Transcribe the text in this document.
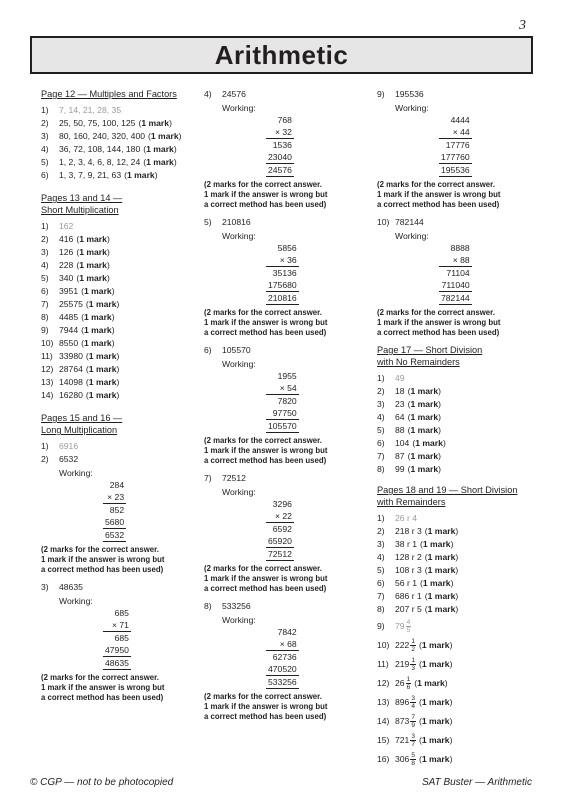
3
Arithmetic
Page 12 — Multiples and Factors
1)	7, 14, 21, 28, 35
2)	25, 50, 75, 100, 125 (1 mark)
3)	80, 160, 240, 320, 400 (1 mark)
4)	36, 72, 108, 144, 180 (1 mark)
5)	1, 2, 3, 4, 6, 8, 12, 24 (1 mark)
6)	1, 3, 7, 9, 21, 63 (1 mark)
Pages 13 and 14 —
Short Multiplication
1)	162
2)	416 (1 mark)
3)	126 (1 mark)
4)	228 (1 mark)
5)	340 (1 mark)
6)	3951 (1 mark)
7)	25575 (1 mark)
8)	4485 (1 mark)
9)	7944 (1 mark)
10) 8550 (1 mark)
11) 33980 (1 mark)
12) 28764 (1 mark)
13) 14098 (1 mark)
14) 16280 (1 mark)
Pages 15 and 16 —
Long Multiplication
1)	6916
2)	6532
Working:
284
× 23
852
5680
6532
(2 marks for the correct answer.
1 mark if the answer is wrong but
a correct method has been used)
3)	48635
Working:
685
× 71
685
47950
48635
(2 marks for the correct answer.
1 mark if the answer is wrong but
a correct method has been used)
4)	24576
Working:
768
× 32
1536
23040
24576
(2 marks for the correct answer.
1 mark if the answer is wrong but
a correct method has been used)
5)	210816
Working:
5856
× 36
35136
175680
210816
(2 marks for the correct answer.
1 mark if the answer is wrong but
a correct method has been used)
6)	105570
Working:
1955
× 54
7820
97750
105570
(2 marks for the correct answer.
1 mark if the answer is wrong but
a correct method has been used)
7)	72512
Working:
3296
× 22
6592
65920
72512
(2 marks for the correct answer.
1 mark if the answer is wrong but
a correct method has been used)
8)	533256
Working:
7842
× 68
62736
470520
533256
(2 marks for the correct answer.
1 mark if the answer is wrong but
a correct method has been used)
9)	195536
Working:
4444
× 44
17776
177760
195536
(2 marks for the correct answer.
1 mark if the answer is wrong but
a correct method has been used)
10) 782144
Working:
8888
× 88
71104
711040
782144
(2 marks for the correct answer.
1 mark if the answer is wrong but
a correct method has been used)
Page 17 — Short Division
with No Remainders
1)	49
2)	18 (1 mark)
3)	23 (1 mark)
4)	64 (1 mark)
5)	88 (1 mark)
6)	104 (1 mark)
7)	87 (1 mark)
8)	99 (1 mark)
Pages 18 and 19 — Short Division
with Remainders
1)	26 r 4
2)	218 r 3 (1 mark)
3)	38 r 1 (1 mark)
4)	128 r 2 (1 mark)
5)	108 r 3 (1 mark)
6)	56 r 1 (1 mark)
7)	686 r 1 (1 mark)
8)	207 r 5 (1 mark)
9)	$79 \frac{4}{5}$
10) $222 \frac{1}{2} (1$ mark)
11) $219 \frac{1}{3} (1$ mark)
12) $26 \frac{1}{6} (1$ mark)
13) $896 \frac{3}{4} (1$ mark)
14) $873 \frac{7}{9} (1$ mark)
15) $721 \frac{3}{7} (1$ mark)
16) $306 \frac{5}{8} (1$ mark)
© CGP — not to be photocopied	SAT Buster — Arithmetic
